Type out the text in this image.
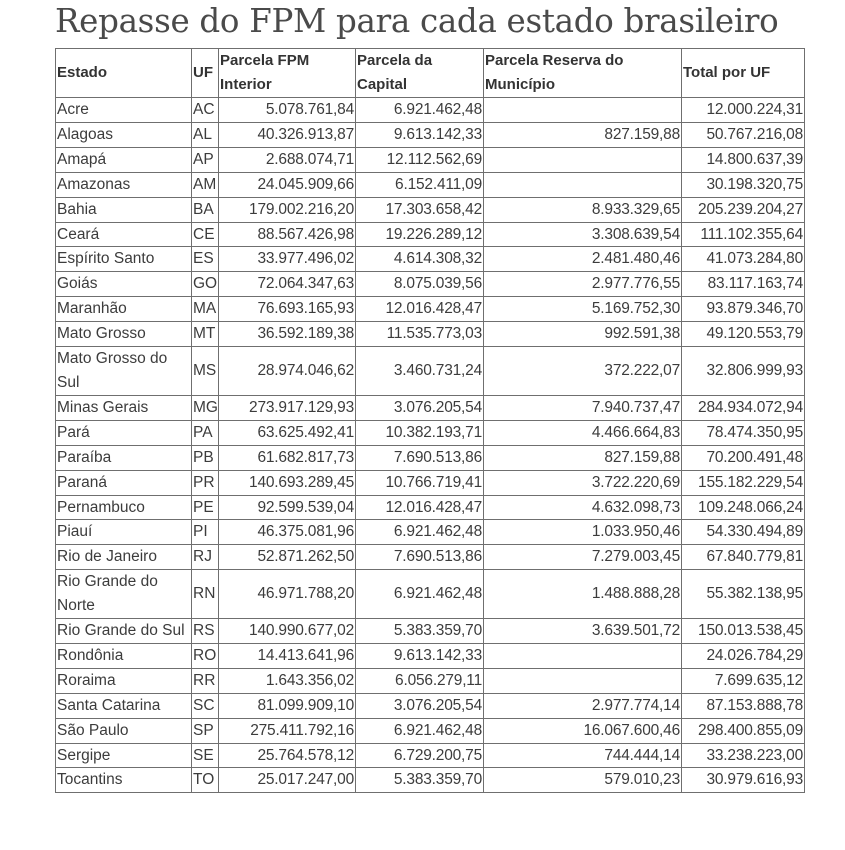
Repasse do FPM para cada estado brasileiro
Estado	UF	Parcela FPM Interior	Parcela da Capital	Parcela Reserva do Município	Total por UF
Acre	AC	5.078.761,84	6.921.462,48		12.000.224,31
Alagoas	AL	40.326.913,87	9.613.142,33	827.159,88	50.767.216,08
Amapá	AP	2.688.074,71	12.112.562,69		14.800.637,39
Amazonas	AM	24.045.909,66	6.152.411,09		30.198.320,75
Bahia	BA	179.002.216,20	17.303.658,42	8.933.329,65	205.239.204,27
Ceará	CE	88.567.426,98	19.226.289,12	3.308.639,54	111.102.355,64
Espírito Santo	ES	33.977.496,02	4.614.308,32	2.481.480,46	41.073.284,80
Goiás	GO	72.064.347,63	8.075.039,56	2.977.776,55	83.117.163,74
Maranhão	MA	76.693.165,93	12.016.428,47	5.169.752,30	93.879.346,70
Mato Grosso	MT	36.592.189,38	11.535.773,03	992.591,38	49.120.553,79
Mato Grosso do Sul	MS	28.974.046,62	3.460.731,24	372.222,07	32.806.999,93
Minas Gerais	MG	273.917.129,93	3.076.205,54	7.940.737,47	284.934.072,94
Pará	PA	63.625.492,41	10.382.193,71	4.466.664,83	78.474.350,95
Paraíba	PB	61.682.817,73	7.690.513,86	827.159,88	70.200.491,48
Paraná	PR	140.693.289,45	10.766.719,41	3.722.220,69	155.182.229,54
Pernambuco	PE	92.599.539,04	12.016.428,47	4.632.098,73	109.248.066,24
Piauí	PI	46.375.081,96	6.921.462,48	1.033.950,46	54.330.494,89
Rio de Janeiro	RJ	52.871.262,50	7.690.513,86	7.279.003,45	67.840.779,81
Rio Grande do Norte	RN	46.971.788,20	6.921.462,48	1.488.888,28	55.382.138,95
Rio Grande do Sul	RS	140.990.677,02	5.383.359,70	3.639.501,72	150.013.538,45
Rondônia	RO	14.413.641,96	9.613.142,33		24.026.784,29
Roraima	RR	1.643.356,02	6.056.279,11		7.699.635,12
Santa Catarina	SC	81.099.909,10	3.076.205,54	2.977.774,14	87.153.888,78
São Paulo	SP	275.411.792,16	6.921.462,48	16.067.600,46	298.400.855,09
Sergipe	SE	25.764.578,12	6.729.200,75	744.444,14	33.238.223,00
Tocantins	TO	25.017.247,00	5.383.359,70	579.010,23	30.979.616,93
